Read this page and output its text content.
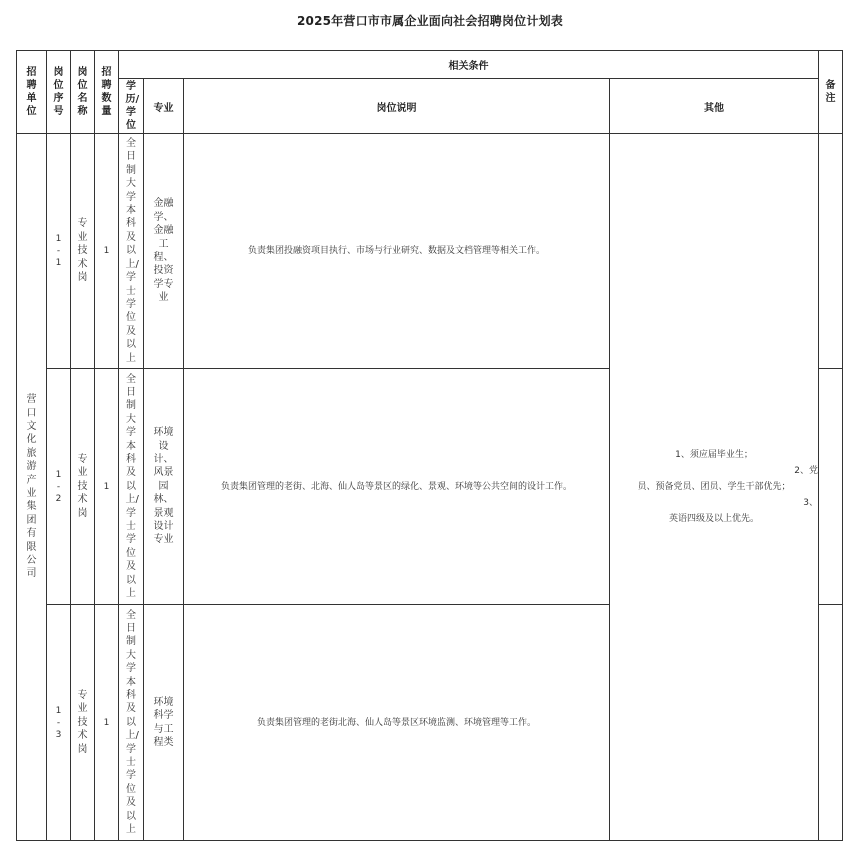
2025年营口市市属企业面向社会招聘岗位计划表
招聘单位	岗位序号	岗位名称	招聘数量	相关条件				备注
				学历/学位	专业	岗位说明	其他	
营口文化旅游产业集团有限公司	1-1	专业技术岗	1	全日制大学本科及以上/学士学位及以上	金融学、金融工程、投资学专业	负责集团投融资项目执行、市场与行业研究、数据及文档管理等相关工作。	1、须应届毕业生；
2、党
员、预备党员、团员、学生干部优先；
3、
英语四级及以上优先。	

	1-2	专业技术岗	1	全日制大学本科及以上/学士学位及以上	环境设计、风景园林、景观设计专业	负责集团管理的老街、北海、仙人岛等景区的绿化、景观、环境等公共空间的设计工作。		
	1-3	专业技术岗	1	全日制大学本科及以上/学士学位及以上	环境科学与工程类	负责集团管理的老街北海、仙人岛等景区环境监测、环境管理等工作。		
